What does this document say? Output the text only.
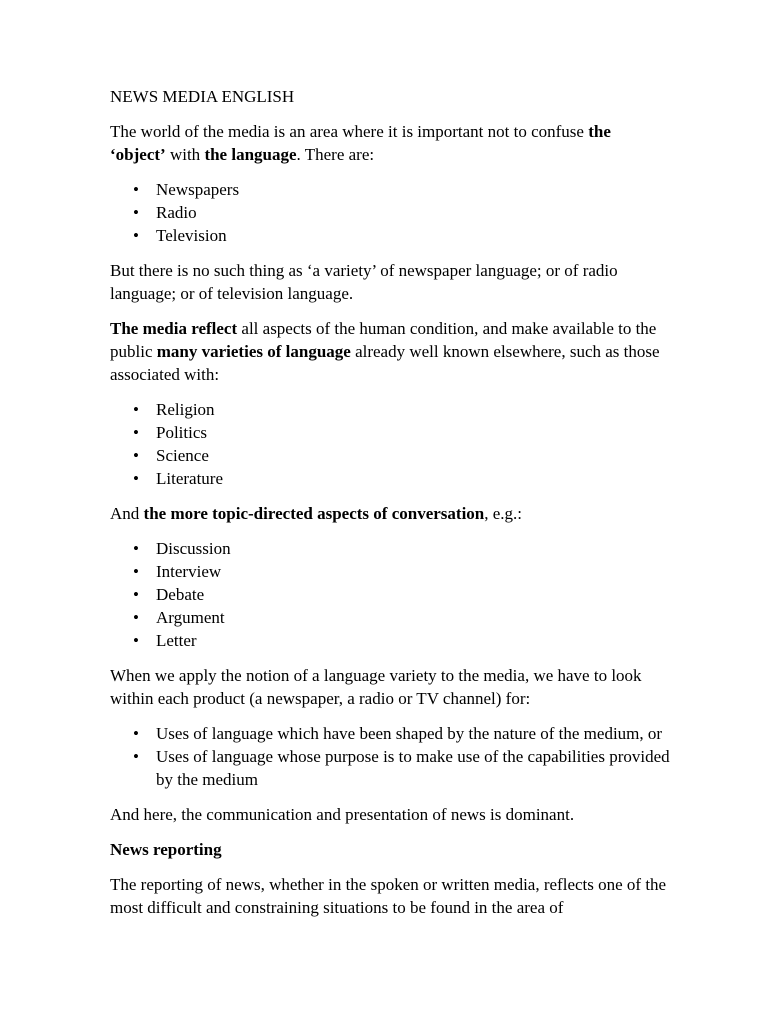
NEWS MEDIA ENGLISH

The world of the media is an area where it is important not to confuse the ‘object’ with the language. There are:

• Newspapers
• Radio
• Television

But there is no such thing as ‘a variety’ of newspaper language; or of radio language; or of television language.

The media reflect all aspects of the human condition, and make available to the public many varieties of language already well known elsewhere, such as those associated with:

• Religion
• Politics
• Science
• Literature

And the more topic-directed aspects of conversation, e.g.:

• Discussion
• Interview
• Debate
• Argument
• Letter

When we apply the notion of a language variety to the media, we have to look within each product (a newspaper, a radio or TV channel) for:

• Uses of language which have been shaped by the nature of the medium, or
• Uses of language whose purpose is to make use of the capabilities provided by the medium

And here, the communication and presentation of news is dominant.

News reporting

The reporting of news, whether in the spoken or written media, reflects one of the most difficult and constraining situations to be found in the area of
